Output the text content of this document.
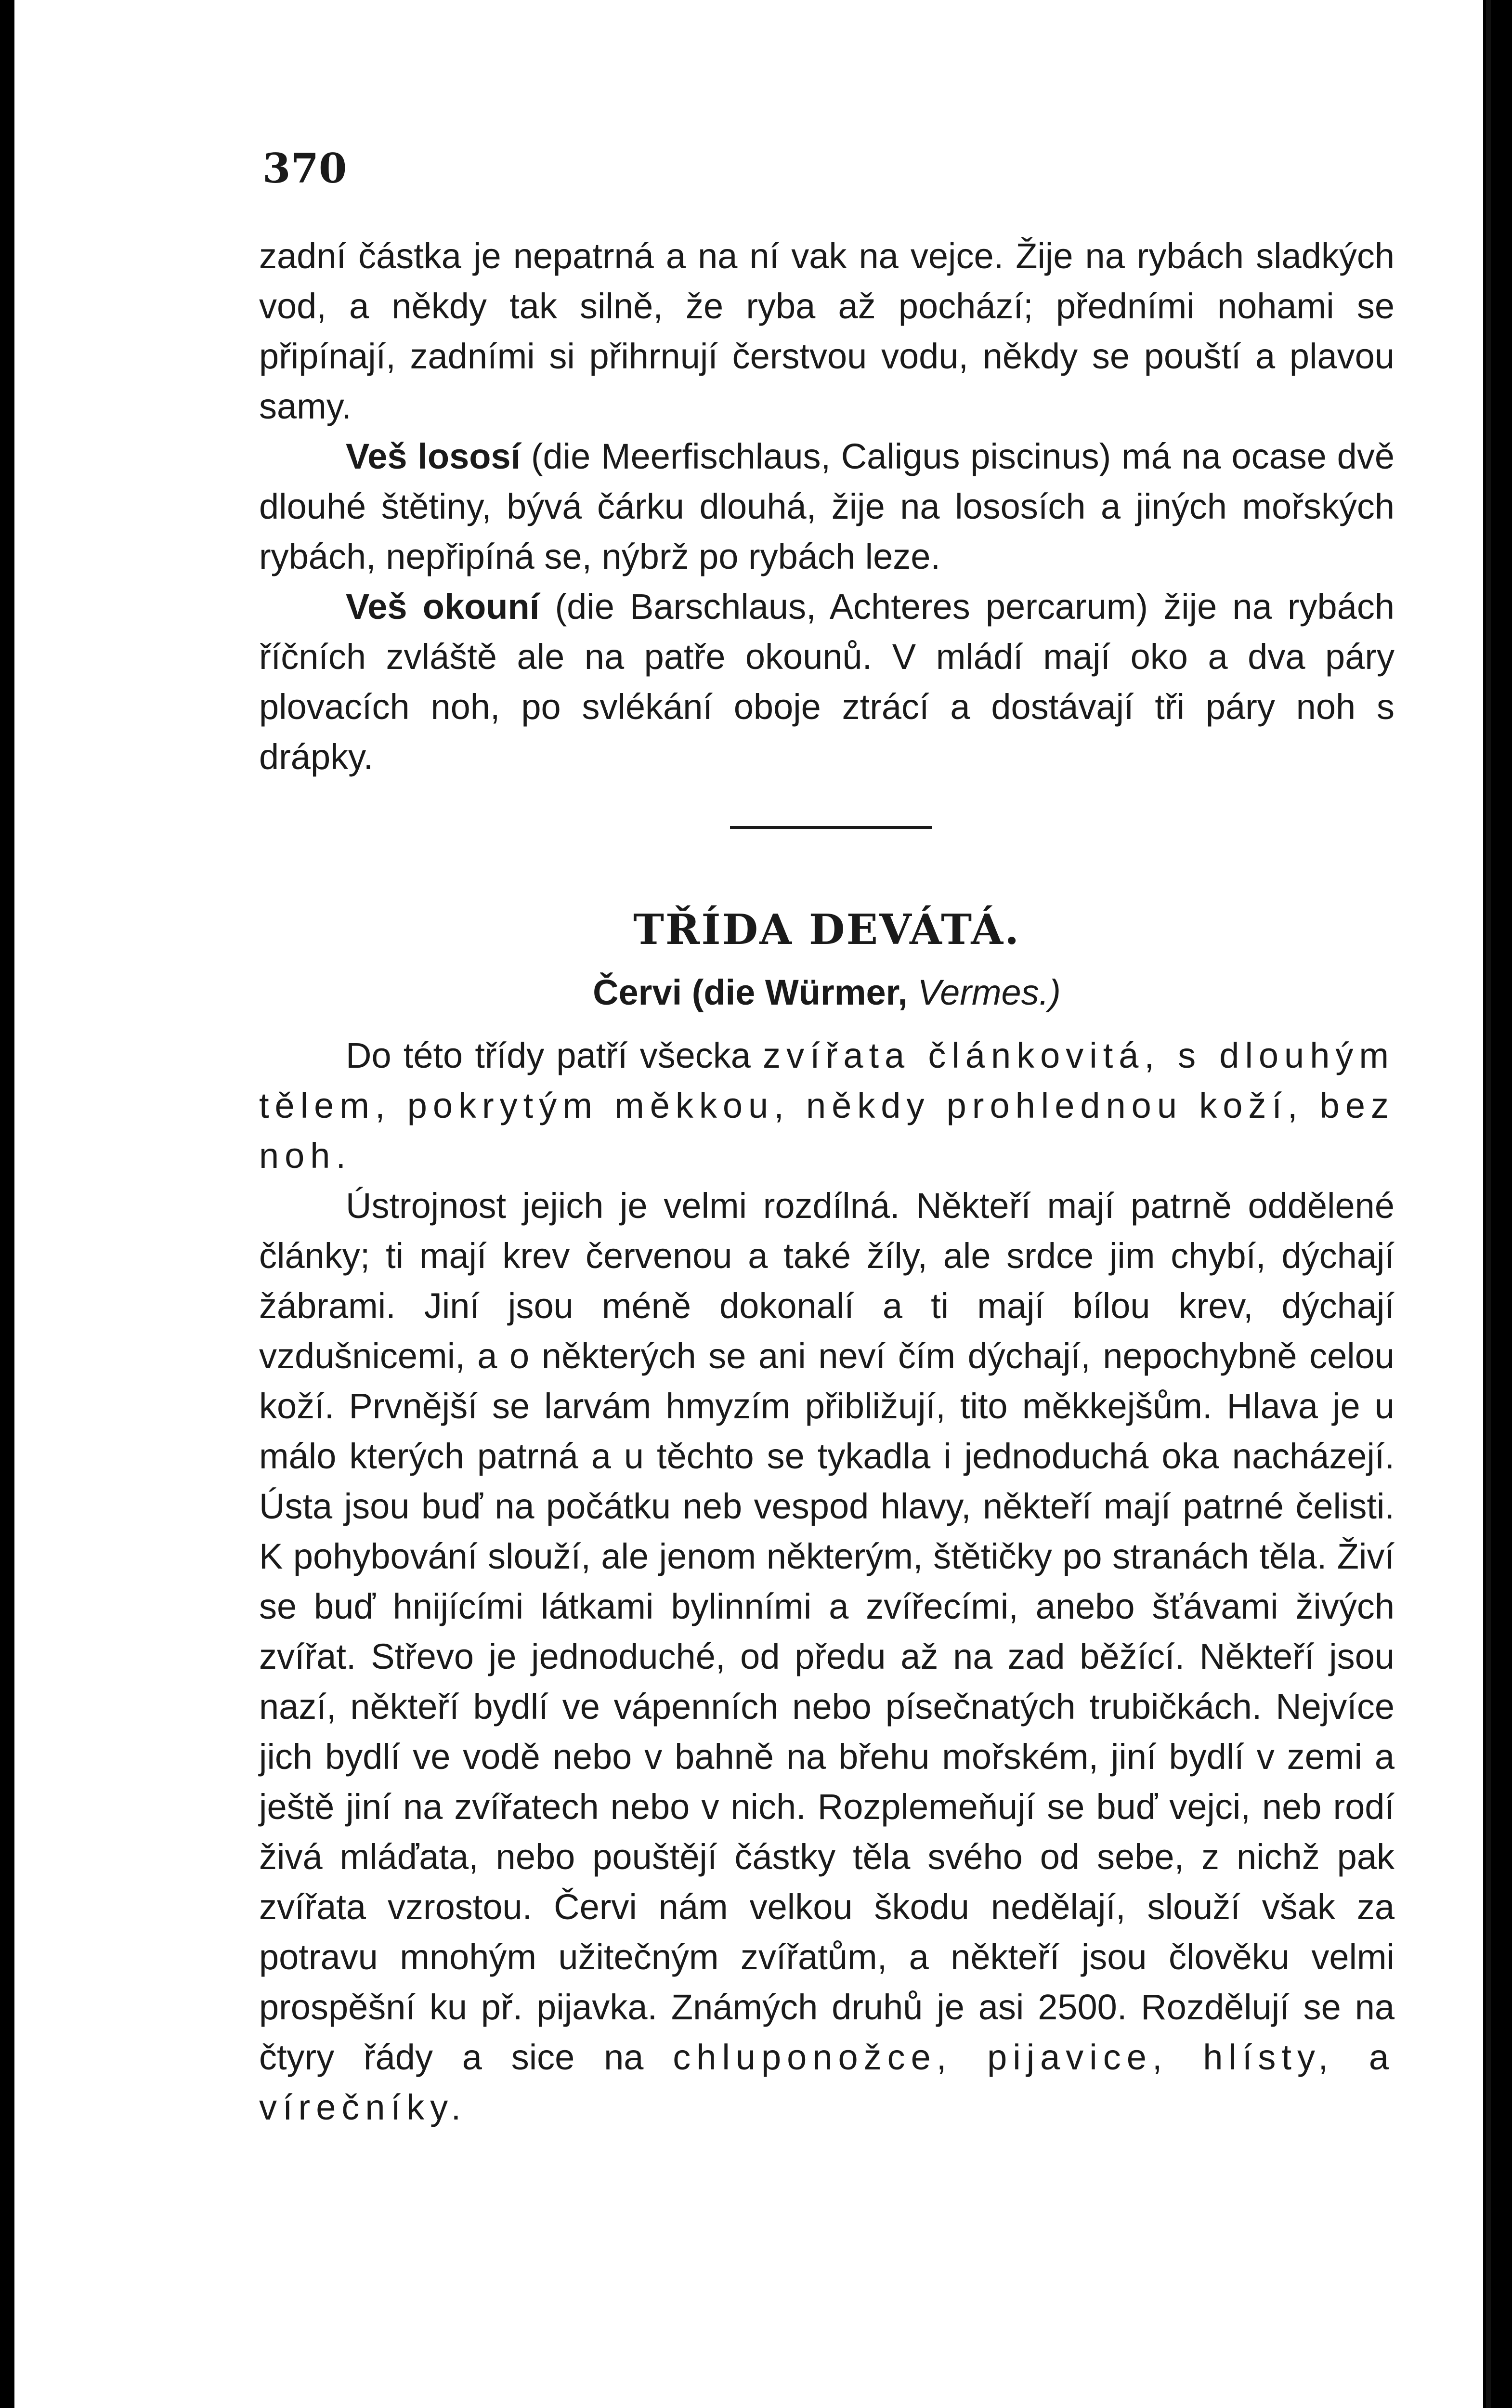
370

zadní částka je nepatrná a na ní vak na vejce. Žije na rybách sladkých vod, a někdy tak silně, že ryba až pochází; předními nohami se připínají, zadními si přihrnují čerstvou vodu, někdy se pouští a plavou samy.

Veš lososí (die Meerfischlaus, Caligus piscinus) má na ocase dvě dlouhé štětiny, bývá čárku dlouhá, žije na lososích a jiných mořských rybách, nepřipíná se, nýbrž po rybách leze.

Veš okouní (die Barschlaus, Achteres percarum) žije na rybách říčních zvláště ale na patře okounů. V mládí mají oko a dva páry plovacích noh, po svlékání oboje ztrácí a dostávají tři páry noh s drápky.

TŘÍDA DEVÁTÁ.
Červi (die Würmer, Vermes.)

Do této třídy patří všecka zvířata článkovitá, s dlouhým tělem, pokrytým měkkou, někdy prohlednou koží, bez noh.

Ústrojnost jejich je velmi rozdílná. Někteří mají patrně oddělené články; ti mají krev červenou a také žíly, ale srdce jim chybí, dýchají žábrami. Jiní jsou méně dokonalí a ti mají bílou krev, dýchají vzdušnicemi, a o některých se ani neví čím dýchají, nepochybně celou koží. Prvnější se larvám hmyzím přibližují, tito měkkejšům. Hlava je u málo kterých patrná a u těchto se tykadla i jednoduchá oka nacházejí. Ústa jsou buď na počátku neb vespod hlavy, někteří mají patrné čelisti. K pohybování slouží, ale jenom některým, štětičky po stranách těla. Živí se buď hnijícími látkami bylinními a zvířecími, anebo šťávami živých zvířat. Střevo je jednoduché, od předu až na zad běžící. Někteří jsou nazí, někteří bydlí ve vápenních nebo písečnatých trubičkách. Nejvíce jich bydlí ve vodě nebo v bahně na břehu mořském, jiní bydlí v zemi a ještě jiní na zvířatech nebo v nich. Rozplemeňují se buď vejci, neb rodí živá mláďata, nebo pouštějí částky těla svého od sebe, z nichž pak zvířata vzrostou. Červi nám velkou škodu nedělají, slouží však za potravu mnohým užitečným zvířatům, a někteří jsou člověku velmi prospěšní ku př. pijavka. Známých druhů je asi 2500. Rozdělují se na čtyry řády a sice na chluponožce, pijavice, hlísty, a vírečníky.
